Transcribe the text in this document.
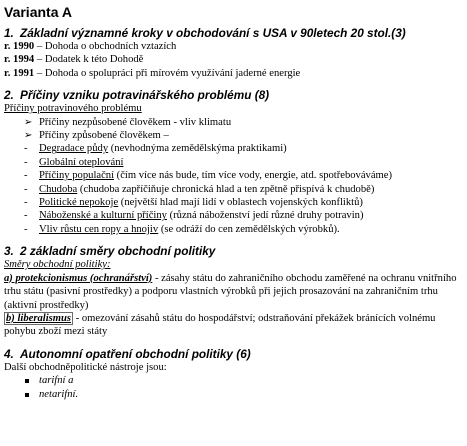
Varianta A
1. Základní významné kroky v obchodování s USA v 90letech 20 stol.(3)
r. 1990 – Dohoda o obchodních vztazích
r. 1994 – Dodatek k této Dohodě
r. 1991 – Dohoda o spolupráci při mírovém využívání jaderné energie
2. Příčiny vzniku potravinářského problému (8)
Příčiny potravinového problému
➢ Příčiny nezpůsobené člověkem - vliv klimatu
➢ Příčiny způsobené člověkem –
- Degradace půdy (nevhodnýma zemědělskýma praktikami)
- Globální oteplování
- Příčiny populační (čím více nás bude, tím více vody, energie, atd. spotřebováváme)
- Chudoba (chudoba zapříčiňuje chronická hlad a ten zpětně přispívá k chudobě)
- Politické nepokoje (největší hlad mají lidí v oblastech vojenských konfliktů)
- Náboženské a kulturní příčiny (různá náboženství jedí různé druhy potravin)
- Vliv růstu cen ropy a hnojiv (se odráží do cen zemědělských výrobků).
3. 2 základní směry obchodní politiky
Směry obchodní politiky:
a) protekcionismus (ochranářství) - zásahy státu do zahraničního obchodu zaměřené na ochranu vnitřního trhu státu (pasivní prostředky) a podporu vlastních výrobků při jejich prosazování na zahraničním trhu (aktivní prostředky)
b) liberalismus - omezování zásahů státu do hospodářství; odstraňování překážek bránících volnému pohybu zboží mezi státy
4. Autonomní opatření obchodní politiky (6)
Další obchodněpolitické nástroje jsou:
tarifní a
netarifní.
